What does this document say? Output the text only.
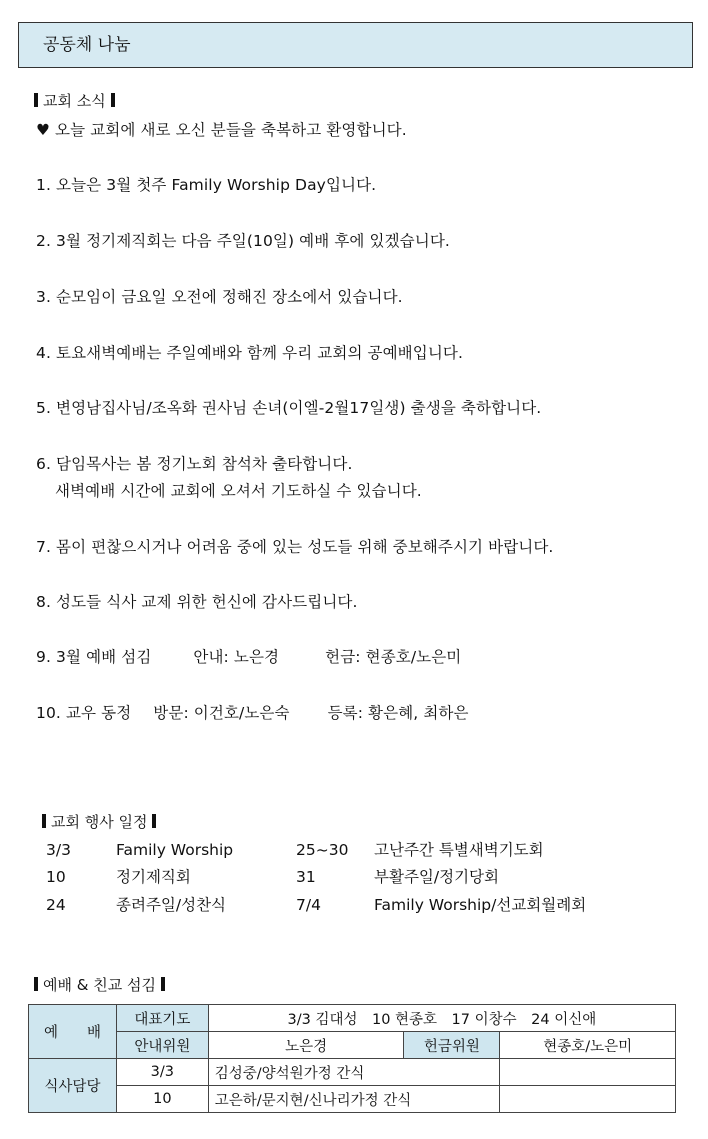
공동체 나눔
교회 소식
♥ 오늘 교회에 새로 오신 분들을 축복하고 환영합니다.
1. 오늘은 3월 첫주 Family Worship Day입니다.
2. 3월 정기제직회는 다음 주일(10일) 예배 후에 있겠습니다.
3. 순모임이 금요일 오전에 정해진 장소에서 있습니다.
4. 토요새벽예배는 주일예배와 함께 우리 교회의 공예배입니다.
5. 변영남집사님/조옥화 권사님 손녀(이엘-2월17일생) 출생을 축하합니다.
6. 담임목사는 봄 정기노회 참석차 출타합니다.
새벽예배 시간에 교회에 오셔서 기도하실 수 있습니다.
7. 몸이 편찮으시거나 어려움 중에 있는 성도들 위해 중보해주시기 바랍니다.
8. 성도들 식사 교제 위한 헌신에 감사드립니다.
9. 3월 예배 섬김	안내: 노은경	헌금: 현종호/노은미
10. 교우 동정 방문: 이건호/노은숙 등록: 황은혜, 최하은
교회 행사 일정
3/3	Family Worship	25~30 고난주간 특별새벽기도회
10	정기제직회	31	부활주일/정기당회
24	종려주일/성찬식	7/4	Family Worship/선교회월례회
예배 & 친교 섬김
예　　배	대표기도	3/3 김대성　10 현종호　17 이창수　24 이신애		
	안내위원	노은경	헌금위원	현종호/노은미
식사담당	3/3	김성중/양석원가정 간식		
	10	고은하/문지현/신나리가정 간식		
